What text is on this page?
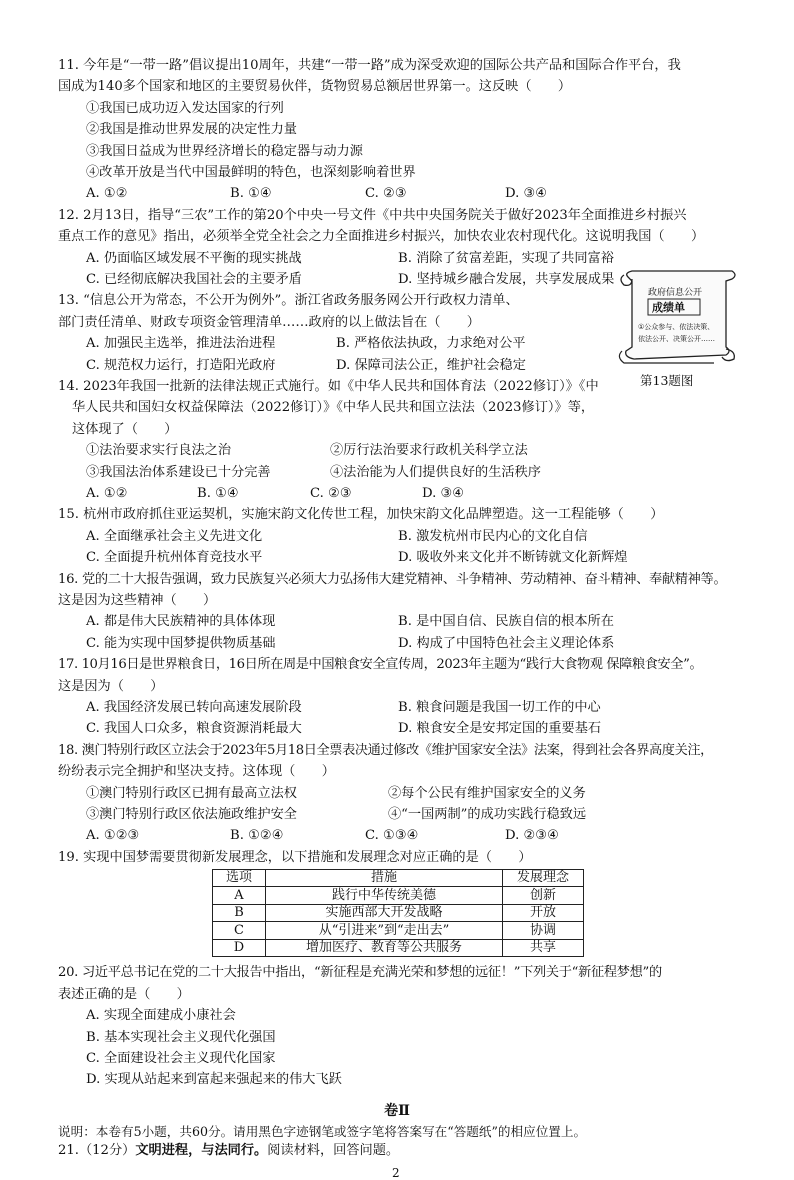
11. 今年是“一带一路”倡议提出10周年，共建“一带一路”成为深受欢迎的国际公共产品和国际合作平台，我
国成为140多个国家和地区的主要贸易伙伴，货物贸易总额居世界第一。这反映（　　）
①我国已成功迈入发达国家的行列
②我国是推动世界发展的决定性力量
③我国日益成为世界经济增长的稳定器与动力源
④改革开放是当代中国最鲜明的特色，也深刻影响着世界
A. ①②	B. ①④	C. ②③	D. ③④
12. 2月13日，指导“三农”工作的第20个中央一号文件《中共中央国务院关于做好2023年全面推进乡村振兴
重点工作的意见》指出，必须举全党全社会之力全面推进乡村振兴，加快农业农村现代化。这说明我国（　　）
A. 仍面临区域发展不平衡的现实挑战	B. 消除了贫富差距，实现了共同富裕
C. 已经彻底解决我国社会的主要矛盾	D. 坚持城乡融合发展，共享发展成果
13. “信息公开为常态，不公开为例外”。浙江省政务服务网公开行政权力清单、
部门责任清单、财政专项资金管理清单……政府的以上做法旨在（　　）
A. 加强民主选举，推进法治进程	B. 严格依法执政，力求绝对公平
C. 规范权力运行，打造阳光政府	D. 保障司法公正，维护社会稳定
政府信息公开
成绩单
①公众参与、依法决策、
依法公开、决策公开……
第13题图
14. 2023年我国一批新的法律法规正式施行。如《中华人民共和国体育法（2022修订）》《中
华人民共和国妇女权益保障法（2022修订）》《中华人民共和国立法法（2023修订）》等，
这体现了（　　）
①法治要求实行良法之治	②厉行法治要求行政机关科学立法
③我国法治体系建设已十分完善	④法治能为人们提供良好的生活秩序
A. ①②	B. ①④	C. ②③	D. ③④
15. 杭州市政府抓住亚运契机，实施宋韵文化传世工程，加快宋韵文化品牌塑造。这一工程能够（　　）
A. 全面继承社会主义先进文化	B. 激发杭州市民内心的文化自信
C. 全面提升杭州体育竞技水平	D. 吸收外来文化并不断铸就文化新辉煌
16. 党的二十大报告强调，致力民族复兴必须大力弘扬伟大建党精神、斗争精神、劳动精神、奋斗精神、奉献精神等。
这是因为这些精神（　　）
A. 都是伟大民族精神的具体体现	B. 是中国自信、民族自信的根本所在
C. 能为实现中国梦提供物质基础	D. 构成了中国特色社会主义理论体系
17. 10月16日是世界粮食日，16日所在周是中国粮食安全宣传周，2023年主题为“践行大食物观 保障粮食安全”。
这是因为（　　）
A. 我国经济发展已转向高速发展阶段	B. 粮食问题是我国一切工作的中心
C. 我国人口众多，粮食资源消耗最大	D. 粮食安全是安邦定国的重要基石
18. 澳门特别行政区立法会于2023年5月18日全票表决通过修改《维护国家安全法》法案，得到社会各界高度关注，
纷纷表示完全拥护和坚决支持。这体现（　　）
①澳门特别行政区已拥有最高立法权	②每个公民有维护国家安全的义务
③澳门特别行政区依法施政维护安全	④“一国两制”的成功实践行稳致远
A. ①②③	B. ①②④	C. ①③④	D. ②③④
19. 实现中国梦需要贯彻新发展理念，以下措施和发展理念对应正确的是（　　）
选项	措施	发展理念
A	践行中华传统美德	创新
B	实施西部大开发战略	开放
C	从“引进来”到“走出去”	协调
D	增加医疗、教育等公共服务	共享
20. 习近平总书记在党的二十大报告中指出，“新征程是充满光荣和梦想的远征！”下列关于“新征程梦想”的
表述正确的是（　　）
A. 实现全面建成小康社会
B. 基本实现社会主义现代化强国
C. 全面建设社会主义现代化国家
D. 实现从站起来到富起来强起来的伟大飞跃
2
卷Ⅱ
说明：本卷有5小题，共60分。请用黑色字迹钢笔或签字笔将答案写在“答题纸”的相应位置上。
21.（12分）文明进程，与法同行。阅读材料，回答问题。
